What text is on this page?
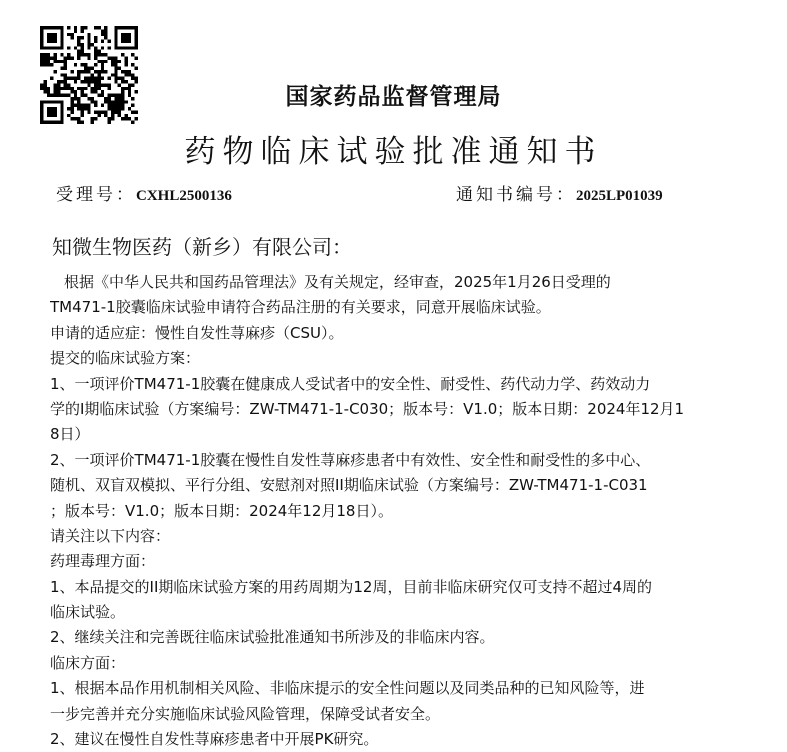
国家药品监督管理局
药物临床试验批准通知书
受理号：CXHL2500136	通知书编号：2025LP01039
知微生物医药（新乡）有限公司：
根据《中华人民共和国药品管理法》及有关规定，经审查，2025年1月26日受理的
TM471-1胶囊临床试验申请符合药品注册的有关要求，同意开展临床试验。
申请的适应症：慢性自发性荨麻疹（CSU）。
提交的临床试验方案：
1、一项评价TM471-1胶囊在健康成人受试者中的安全性、耐受性、药代动力学、药效动力
学的I期临床试验（方案编号：ZW-TM471-1-C030；版本号：V1.0；版本日期：2024年12月1
8日）
2、一项评价TM471-1胶囊在慢性自发性荨麻疹患者中有效性、安全性和耐受性的多中心、
随机、双盲双模拟、平行分组、安慰剂对照II期临床试验（方案编号：ZW-TM471-1-C031
；版本号：V1.0；版本日期：2024年12月18日）。
请关注以下内容：
药理毒理方面：
1、本品提交的II期临床试验方案的用药周期为12周，目前非临床研究仅可支持不超过4周的
临床试验。
2、继续关注和完善既往临床试验批准通知书所涉及的非临床内容。
临床方面：
1、根据本品作用机制相关风险、非临床提示的安全性问题以及同类品种的已知风险等，进
一步完善并充分实施临床试验风险管理，保障受试者安全。
2、建议在慢性自发性荨麻疹患者中开展PK研究。
